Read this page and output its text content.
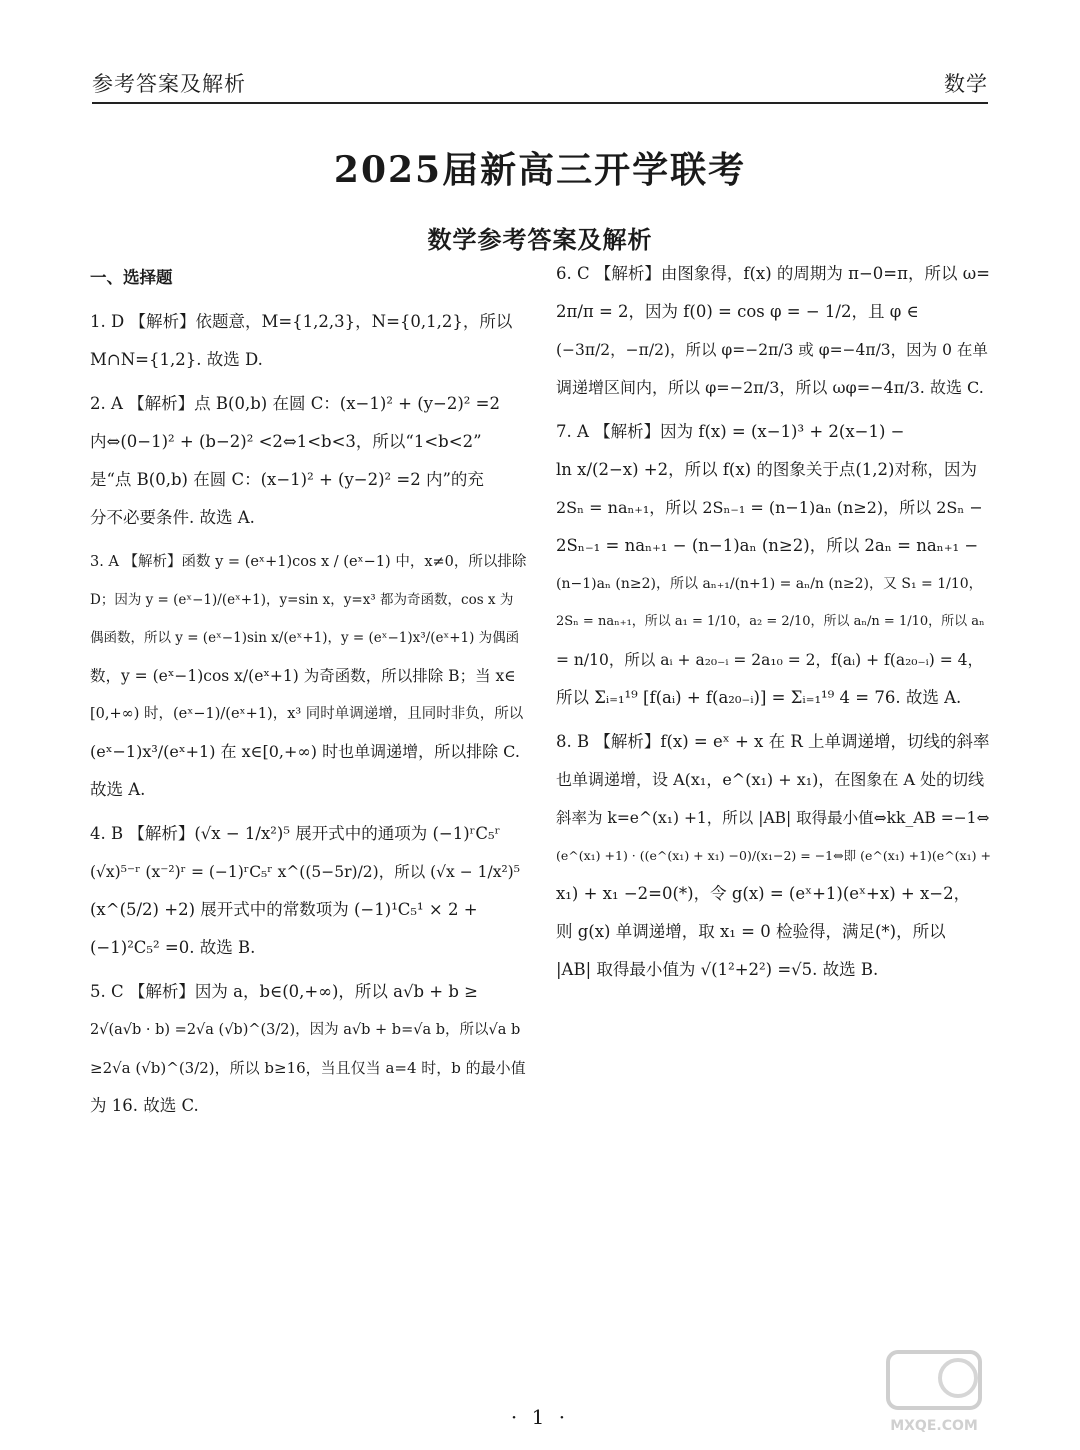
参考答案及解析	数学
2025届新高三开学联考
数学参考答案及解析
一、选择题
1. D 【解析】依题意，M={1,2,3}，N={0,1,2}，所以
M∩N={1,2}. 故选 D.
2. A 【解析】点 B(0,b) 在圆 C：(x−1)² + (y−2)² =2
内⇔(0−1)² + (b−2)² <2⇔1<b<3，所以“1<b<2”
是“点 B(0,b) 在圆 C：(x−1)² + (y−2)² =2 内”的充
分不必要条件. 故选 A.
3. A 【解析】函数 y = (eˣ+1)cos x / (eˣ−1) 中，x≠0，所以排除
D；因为 y = (eˣ−1)/(eˣ+1)，y=sin x，y=x³ 都为奇函数，cos x 为
偶函数，所以 y = (eˣ−1)sin x/(eˣ+1)，y = (eˣ−1)x³/(eˣ+1) 为偶函
数，y = (eˣ−1)cos x/(eˣ+1) 为奇函数，所以排除 B；当 x∈
[0,+∞) 时，(eˣ−1)/(eˣ+1)，x³ 同时单调递增，且同时非负，所以
(eˣ−1)x³/(eˣ+1) 在 x∈[0,+∞) 时也单调递增，所以排除 C.
故选 A.
4. B 【解析】(√x − 1/x²)⁵ 展开式中的通项为 (−1)ʳC₅ʳ
(√x)⁵⁻ʳ (x⁻²)ʳ = (−1)ʳC₅ʳ x^((5−5r)/2)，所以 (√x − 1/x²)⁵
(x^(5/2) +2) 展开式中的常数项为 (−1)¹C₅¹ × 2 +
(−1)²C₅² =0. 故选 B.
5. C 【解析】因为 a，b∈(0,+∞)，所以 a√b + b ≥
2√(a√b · b) =2√a (√b)^(3/2)，因为 a√b + b=√a b，所以√a b
≥2√a (√b)^(3/2)，所以 b≥16，当且仅当 a=4 时，b 的最小值
为 16. 故选 C.
6. C 【解析】由图象得，f(x) 的周期为 π−0=π，所以 ω=
2π/π = 2，因为 f(0) = cos φ = − 1/2，且 φ ∈
(−3π/2，−π/2)，所以 φ=−2π/3 或 φ=−4π/3，因为 0 在单
调递增区间内，所以 φ=−2π/3，所以 ωφ=−4π/3. 故选 C.
7. A 【解析】因为 f(x) = (x−1)³ + 2(x−1) −
ln x/(2−x) +2，所以 f(x) 的图象关于点(1,2)对称，因为
2Sₙ = naₙ₊₁，所以 2Sₙ₋₁ = (n−1)aₙ (n≥2)，所以 2Sₙ −
2Sₙ₋₁ = naₙ₊₁ − (n−1)aₙ (n≥2)，所以 2aₙ = naₙ₊₁ −
(n−1)aₙ (n≥2)，所以 aₙ₊₁/(n+1) = aₙ/n (n≥2)，又 S₁ = 1/10，
2Sₙ = naₙ₊₁，所以 a₁ = 1/10，a₂ = 2/10，所以 aₙ/n = 1/10，所以 aₙ
= n/10，所以 aᵢ + a₂₀₋ᵢ = 2a₁₀ = 2，f(aᵢ) + f(a₂₀₋ᵢ) = 4，
所以 Σᵢ₌₁¹⁹ [f(aᵢ) + f(a₂₀₋ᵢ)] = Σᵢ₌₁¹⁹ 4 = 76. 故选 A.
8. B 【解析】f(x) = eˣ + x 在 R 上单调递增，切线的斜率
也单调递增，设 A(x₁，e^(x₁) + x₁)，在图象在 A 处的切线
斜率为 k=e^(x₁) +1，所以 |AB| 取得最小值⇔kk_AB =−1⇔
(e^(x₁) +1) · ((e^(x₁) + x₁) −0)/(x₁−2) = −1⇔即 (e^(x₁) +1)(e^(x₁) +
x₁) + x₁ −2=0(*)，令 g(x) = (eˣ+1)(eˣ+x) + x−2，
则 g(x) 单调递增，取 x₁ = 0 检验得，满足(*)，所以
|AB| 取得最小值为 √(1²+2²) =√5. 故选 B.
· 1 ·	MXQE.COM
